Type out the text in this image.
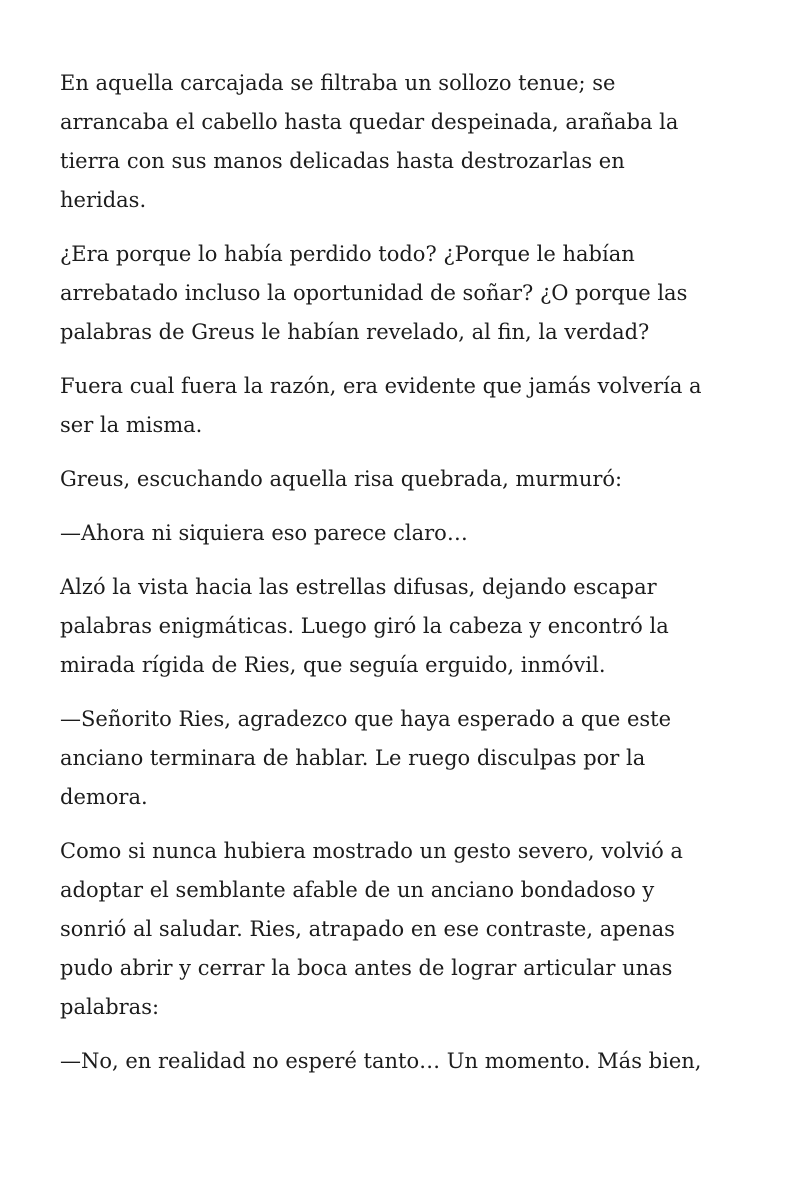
En aquella carcajada se filtraba un sollozo tenue; se
arrancaba el cabello hasta quedar despeinada, arañaba la
tierra con sus manos delicadas hasta destrozarlas en
heridas.

¿Era porque lo había perdido todo? ¿Porque le habían
arrebatado incluso la oportunidad de soñar? ¿O porque las
palabras de Greus le habían revelado, al fin, la verdad?

Fuera cual fuera la razón, era evidente que jamás volvería a
ser la misma.

Greus, escuchando aquella risa quebrada, murmuró:

—Ahora ni siquiera eso parece claro…

Alzó la vista hacia las estrellas difusas, dejando escapar
palabras enigmáticas. Luego giró la cabeza y encontró la
mirada rígida de Ries, que seguía erguido, inmóvil.

—Señorito Ries, agradezco que haya esperado a que este
anciano terminara de hablar. Le ruego disculpas por la
demora.

Como si nunca hubiera mostrado un gesto severo, volvió a
adoptar el semblante afable de un anciano bondadoso y
sonrió al saludar. Ries, atrapado en ese contraste, apenas
pudo abrir y cerrar la boca antes de lograr articular unas
palabras:

—No, en realidad no esperé tanto… Un momento. Más bien,
